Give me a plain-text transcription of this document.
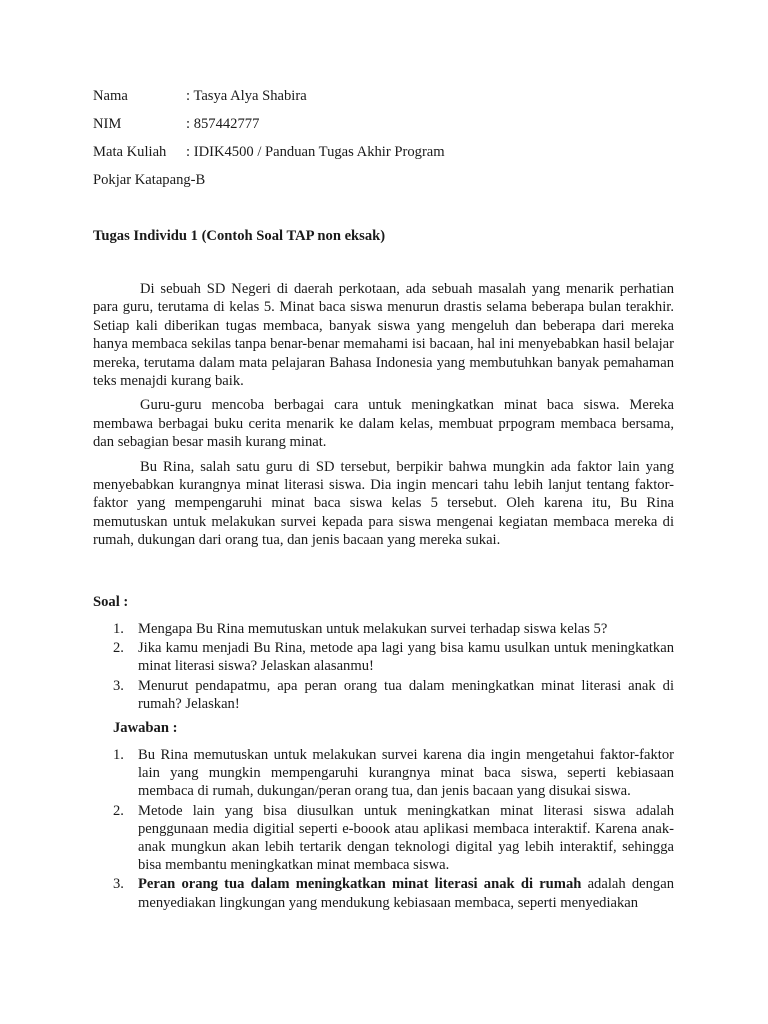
Nama	: Tasya Alya Shabira
NIM	: 857442777
Mata Kuliah	: IDIK4500 / Panduan Tugas Akhir Program
Pokjar Katapang-B
Tugas Individu 1 (Contoh Soal TAP non eksak)

Di sebuah SD Negeri di daerah perkotaan, ada sebuah masalah yang menarik perhatian para guru, terutama di kelas 5. Minat baca siswa menurun drastis selama beberapa bulan terakhir. Setiap kali diberikan tugas membaca, banyak siswa yang mengeluh dan beberapa dari mereka hanya membaca sekilas tanpa benar-benar memahami isi bacaan, hal ini menyebabkan hasil belajar mereka, terutama dalam mata pelajaran Bahasa Indonesia yang membutuhkan banyak pemahaman teks menajdi kurang baik.

Guru-guru mencoba berbagai cara untuk meningkatkan minat baca siswa. Mereka membawa berbagai buku cerita menarik ke dalam kelas, membuat prpogram membaca bersama, dan sebagian besar masih kurang minat.

Bu Rina, salah satu guru di SD tersebut, berpikir bahwa mungkin ada faktor lain yang menyebabkan kurangnya minat literasi siswa. Dia ingin mencari tahu lebih lanjut tentang faktor-faktor yang mempengaruhi minat baca siswa kelas 5 tersebut. Oleh karena itu, Bu Rina memutuskan untuk melakukan survei kepada para siswa mengenai kegiatan membaca mereka di rumah, dukungan dari orang tua, dan jenis bacaan yang mereka sukai.

Soal :
1. Mengapa Bu Rina memutuskan untuk melakukan survei terhadap siswa kelas 5?
2. Jika kamu menjadi Bu Rina, metode apa lagi yang bisa kamu usulkan untuk meningkatkan minat literasi siswa? Jelaskan alasanmu!
3. Menurut pendapatmu, apa peran orang tua dalam meningkatkan minat literasi anak di rumah? Jelaskan!
Jawaban :
1. Bu Rina memutuskan untuk melakukan survei karena dia ingin mengetahui faktor-faktor lain yang mungkin mempengaruhi kurangnya minat baca siswa, seperti kebiasaan membaca di rumah, dukungan/peran orang tua, dan jenis bacaan yang disukai siswa.
2. Metode lain yang bisa diusulkan untuk meningkatkan minat literasi siswa adalah penggunaan media digitial seperti e-boook atau aplikasi membaca interaktif. Karena anak-anak mungkun akan lebih tertarik dengan teknologi digital yag lebih interaktif, sehingga bisa membantu meningkatkan minat membaca siswa.
3. Peran orang tua dalam meningkatkan minat literasi anak di rumah adalah dengan menyediakan lingkungan yang mendukung kebiasaan membaca, seperti menyediakan
